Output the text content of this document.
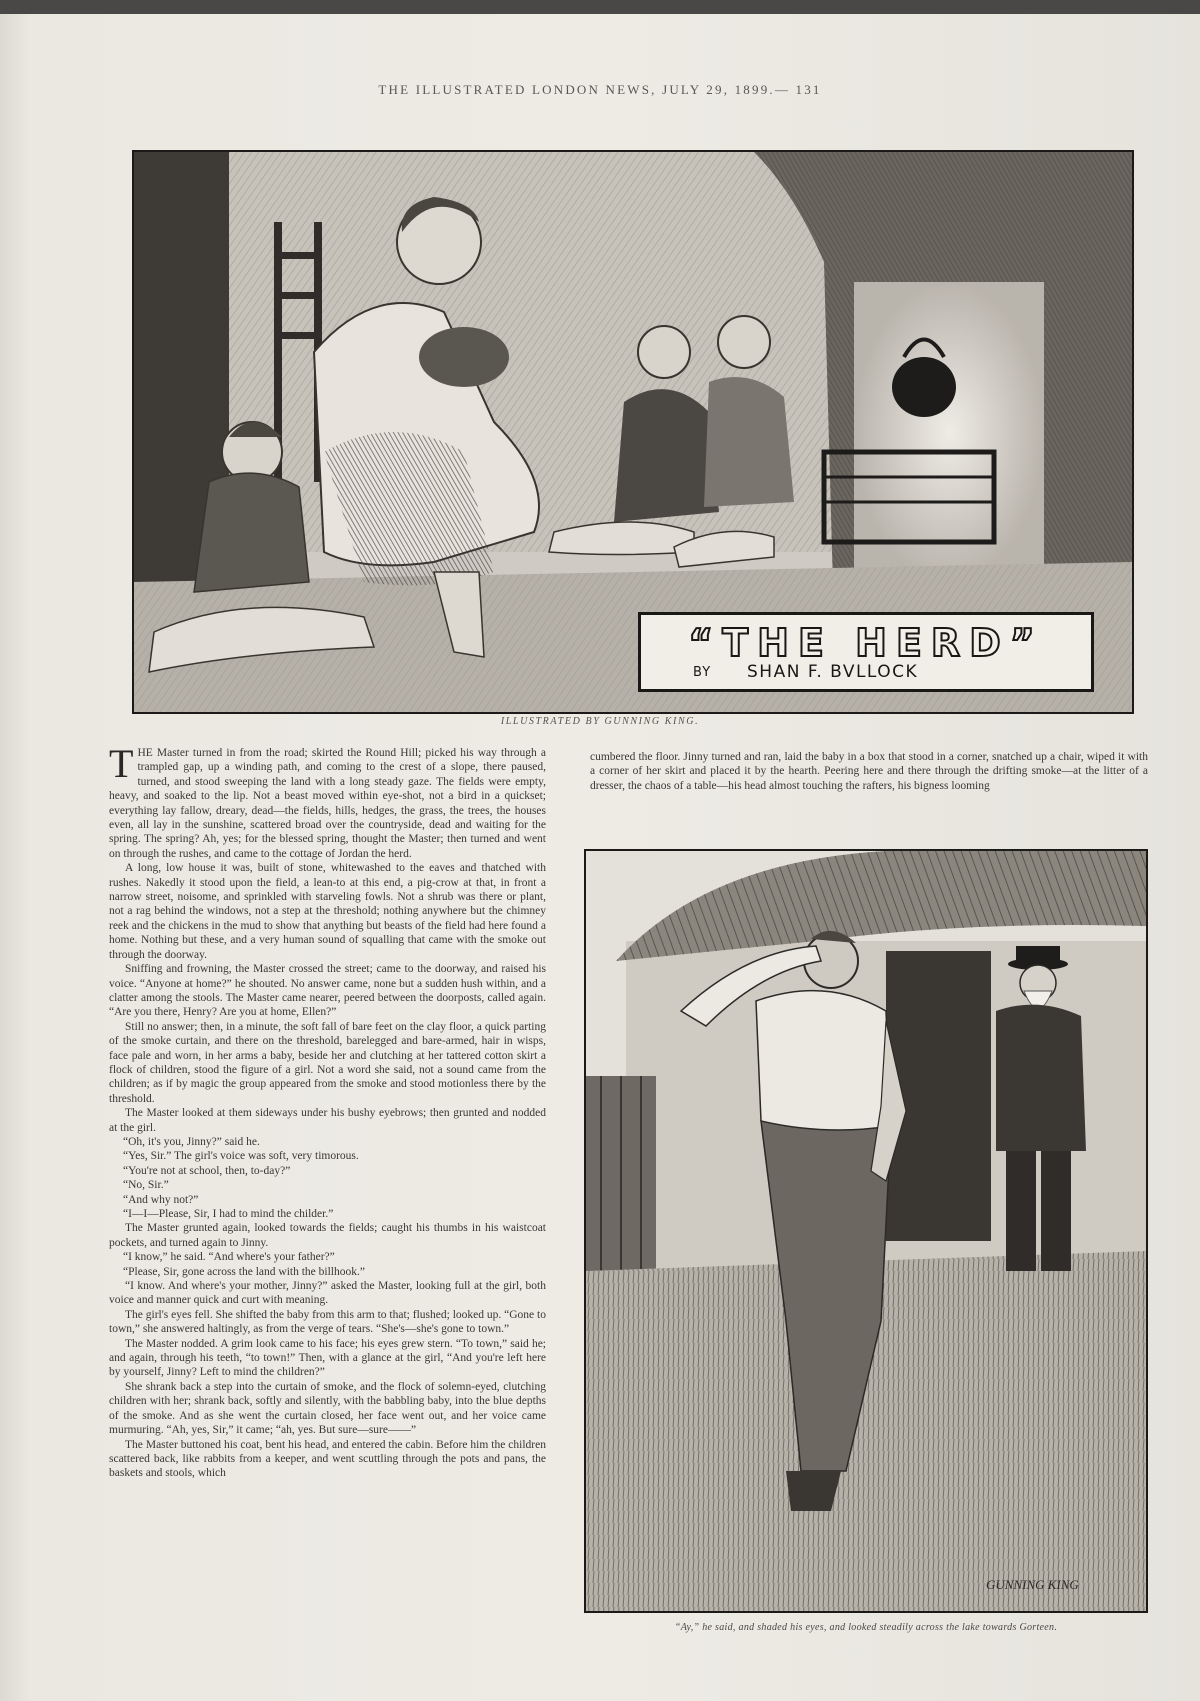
THE ILLUSTRATED LONDON NEWS, JULY 29, 1899.— 131
“THE HERD”
BY SHAN F. BVLLOCK
ILLUSTRATED BY GUNNING KING.

THE Master turned in from the road; skirted the Round Hill; picked his way through a trampled gap, up a winding path, and coming to the crest of a slope, there paused, turned, and stood sweeping the land with a long steady gaze. The fields were empty, heavy, and soaked to the lip. Not a beast moved within eye-shot, not a bird in a quickset; everything lay fallow, dreary, dead—the fields, hills, hedges, the grass, the trees, the houses even, all lay in the sunshine, scattered broad over the countryside, dead and waiting for the spring. The spring? Ah, yes; for the blessed spring, thought the Master; then turned and went on through the rushes, and came to the cottage of Jordan the herd.

A long, low house it was, built of stone, whitewashed to the eaves and thatched with rushes. Nakedly it stood upon the field, a lean-to at this end, a pig-crow at that, in front a narrow street, noisome, and sprinkled with starveling fowls. Not a shrub was there or plant, not a rag behind the windows, not a step at the threshold; nothing anywhere but the chimney reek and the chickens in the mud to show that anything but beasts of the field had here found a home. Nothing but these, and a very human sound of squalling that came with the smoke out through the doorway.

Sniffing and frowning, the Master crossed the street; came to the doorway, and raised his voice. “Anyone at home?” he shouted. No answer came, none but a sudden hush within, and a clatter among the stools. The Master came nearer, peered between the doorposts, called again. “Are you there, Henry? Are you at home, Ellen?”

Still no answer; then, in a minute, the soft fall of bare feet on the clay floor, a quick parting of the smoke curtain, and there on the threshold, barelegged and bare-armed, hair in wisps, face pale and worn, in her arms a baby, beside her and clutching at her tattered cotton skirt a flock of children, stood the figure of a girl. Not a word she said, not a sound came from the children; as if by magic the group appeared from the smoke and stood motionless there by the threshold.

The Master looked at them sideways under his bushy eyebrows; then grunted and nodded at the girl.

“Oh, it's you, Jinny?” said he.

“Yes, Sir.” The girl's voice was soft, very timorous.

“You're not at school, then, to-day?”

“No, Sir.”

“And why not?”

“I—I—Please, Sir, I had to mind the childer.”

The Master grunted again, looked towards the fields; caught his thumbs in his waistcoat pockets, and turned again to Jinny.

“I know,” he said. “And where's your father?”

“Please, Sir, gone across the land with the billhook.”

“I know. And where's your mother, Jinny?” asked the Master, looking full at the girl, both voice and manner quick and curt with meaning.

The girl's eyes fell. She shifted the baby from this arm to that; flushed; looked up. “Gone to town,” she answered haltingly, as from the verge of tears. “She's—she's gone to town.”

The Master nodded. A grim look came to his face; his eyes grew stern. “To town,” said he; and again, through his teeth, “to town!” Then, with a glance at the girl, “And you're left here by yourself, Jinny? Left to mind the children?”

She shrank back a step into the curtain of smoke, and the flock of solemn-eyed, clutching children with her; shrank back, softly and silently, with the babbling baby, into the blue depths of the smoke. And as she went the curtain closed, her face went out, and her voice came murmuring. “Ah, yes, Sir,” it came; “ah, yes. But sure—sure——”

The Master buttoned his coat, bent his head, and entered the cabin. Before him the children scattered back, like rabbits from a keeper, and went scuttling through the pots and pans, the baskets and stools, which

cumbered the floor. Jinny turned and ran, laid the baby in a box that stood in a corner, snatched up a chair, wiped it with a corner of her skirt and placed it by the hearth. Peering here and there through the drifting smoke—at the litter of a dresser, the chaos of a table—his head almost touching the rafters, his bigness looming

GUNNING KING
“Ay,” he said, and shaded his eyes, and looked steadily across the lake towards Gorteen.
